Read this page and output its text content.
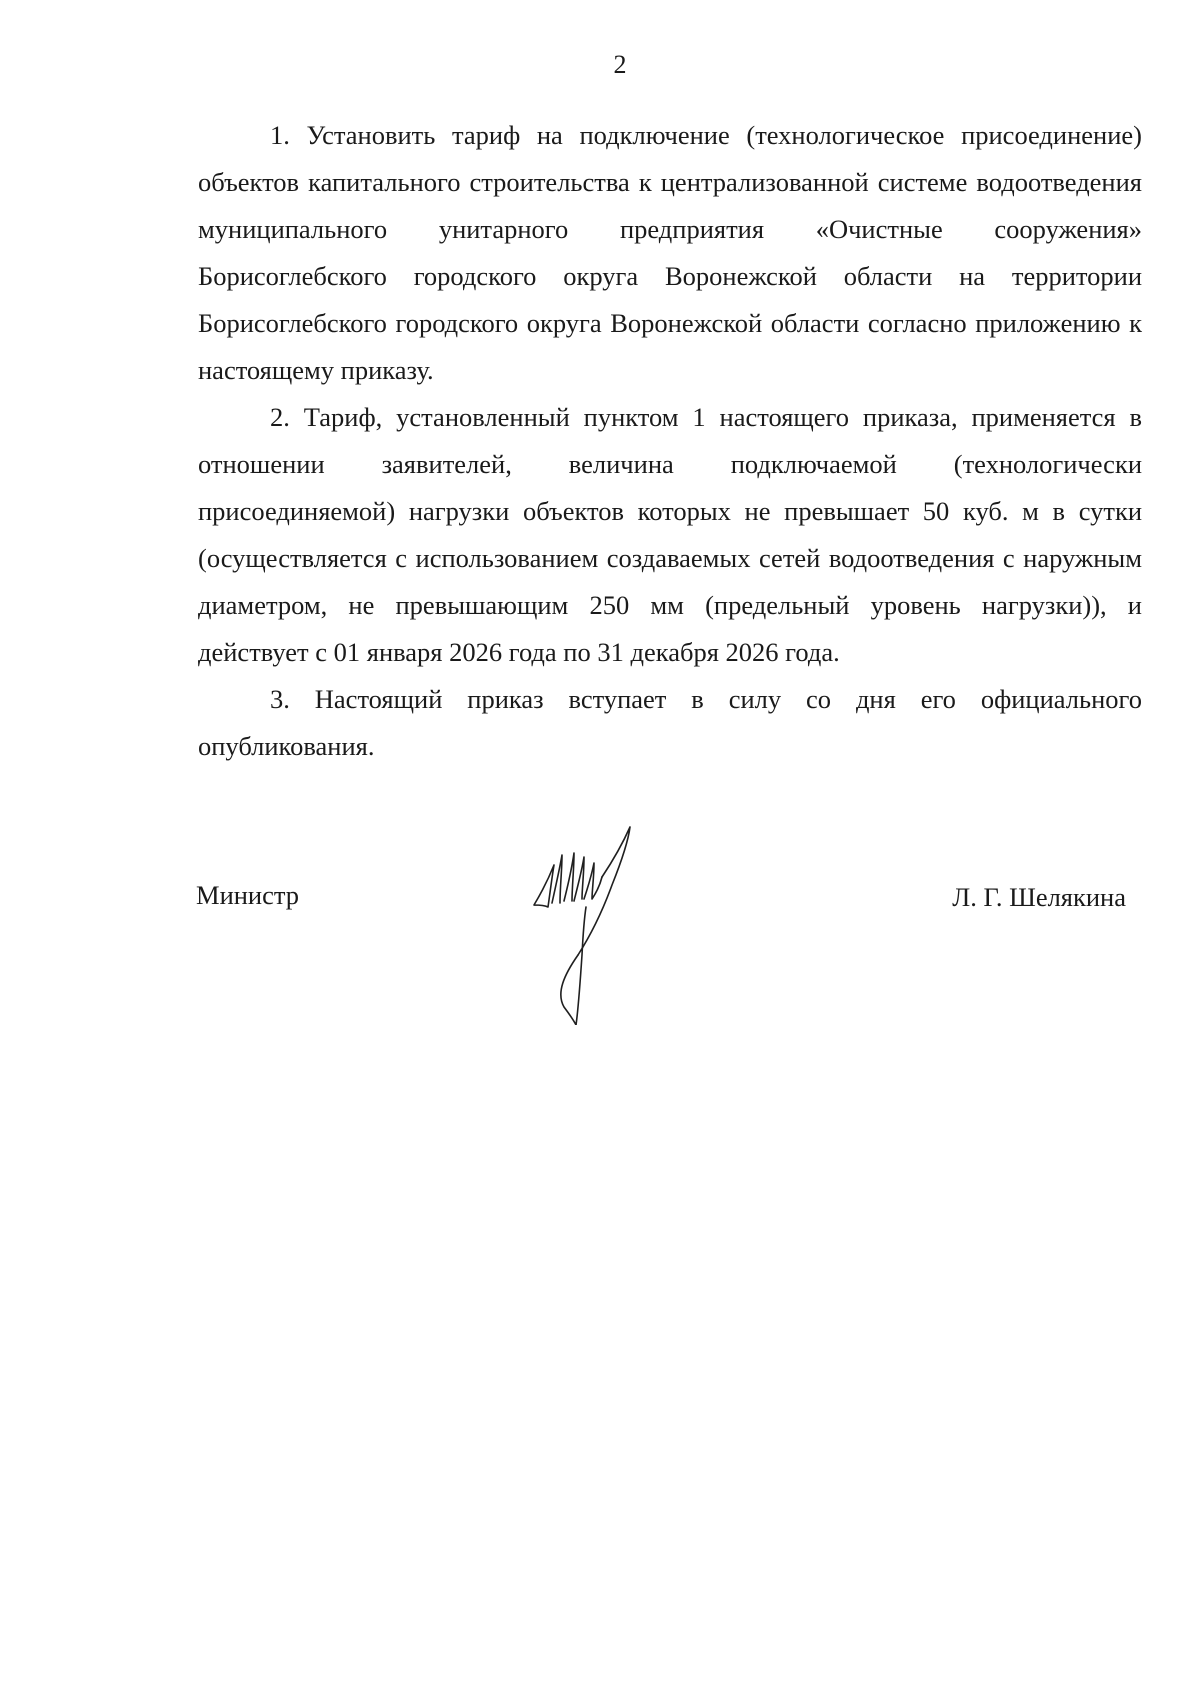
2

1. Установить тариф на подключение (технологическое присоединение) объектов капитального строительства к централизованной системе водоотведения муниципального унитарного предприятия «Очистные сооружения» Борисоглебского городского округа Воронежской области на территории Борисоглебского городского округа Воронежской области согласно приложению к настоящему приказу.

2. Тариф, установленный пунктом 1 настоящего приказа, применяется в отношении заявителей, величина подключаемой (технологически присоединяемой) нагрузки объектов которых не превышает 50 куб. м в сутки (осуществляется с использованием создаваемых сетей водоотведения с наружным диаметром, не превышающим 250 мм (предельный уровень нагрузки)), и действует с 01 января 2026 года по 31 декабря 2026 года.

3. Настоящий приказ вступает в силу со дня его официального опубликования.

Министр	Л. Г. Шелякина
